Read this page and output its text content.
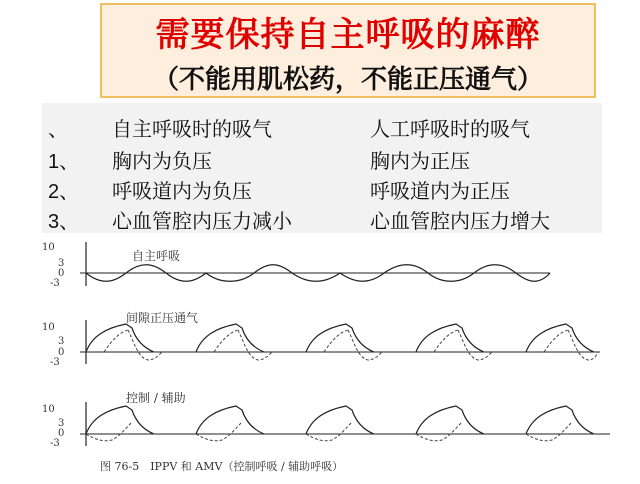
需要保持自主呼吸的麻醉
（不能用肌松药，不能正压通气）
、 自主呼吸时的吸气	人工呼吸时的吸气
1、 胸内为负压	胸内为正压
2、 呼吸道内为负压	呼吸道内为正压
3、 心血管腔内压力减小	心血管腔内压力增大
自主呼吸
10
3
0
-3
间隙正压通气
10
3
0
-3
控制 / 辅助
10
3
0
-3
图 76-5　IPPV 和 AMV（控制呼吸 / 辅助呼吸）
